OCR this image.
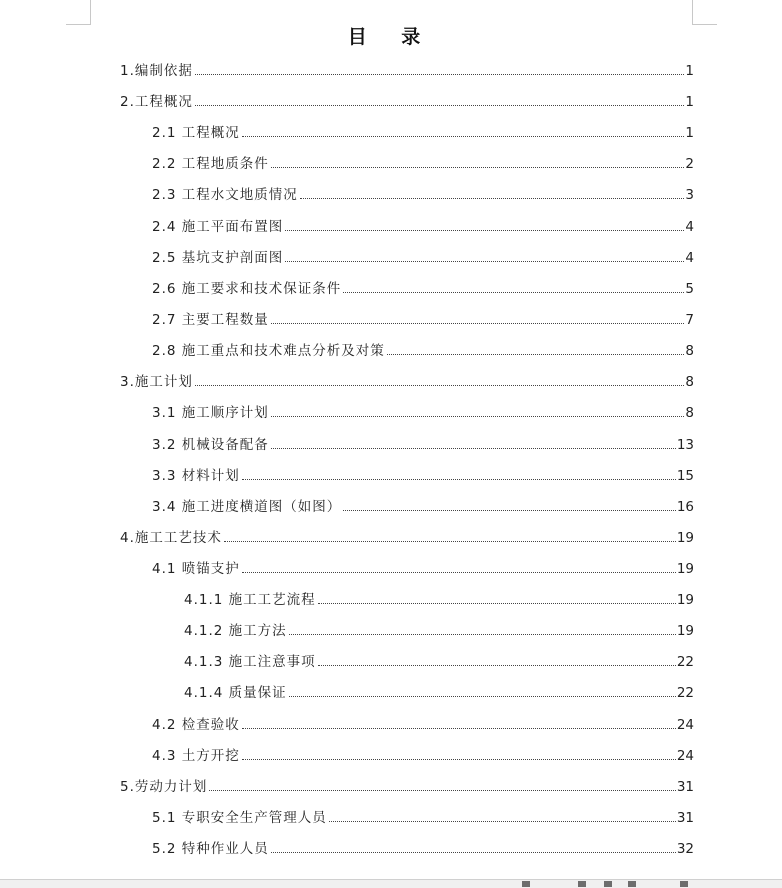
目 录
1.编制依据	1
2.工程概况	1
2.1 工程概况	1
2.2 工程地质条件	2
2.3 工程水文地质情况	3
2.4 施工平面布置图	4
2.5 基坑支护剖面图	4
2.6 施工要求和技术保证条件	5
2.7 主要工程数量	7
2.8 施工重点和技术难点分析及对策	8
3.施工计划	8
3.1 施工顺序计划	8
3.2 机械设备配备	13
3.3 材料计划	15
3.4 施工进度横道图（如图）	16
4.施工工艺技术	19
4.1 喷锚支护	19
4.1.1 施工工艺流程	19
4.1.2 施工方法	19
4.1.3 施工注意事项	22
4.1.4 质量保证	22
4.2 检查验收	24
4.3 土方开挖	24
5.劳动力计划	31
5.1 专职安全生产管理人员	31
5.2 特种作业人员	32
